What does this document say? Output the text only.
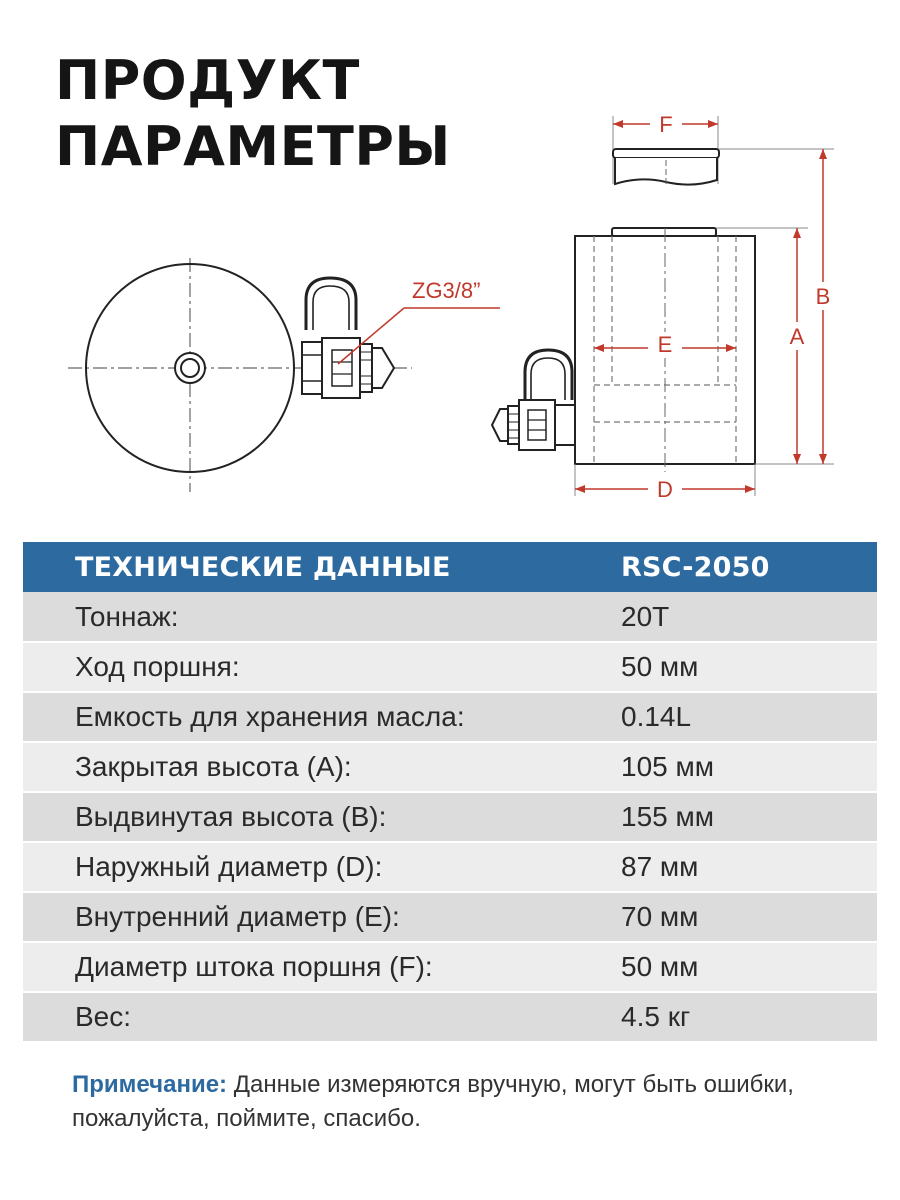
ПРОДУКТ
ПАРАМЕТРЫ
ZG3/8”
F
E
D
A
B
ТЕХНИЧЕСКИЕ ДАННЫЕ	RSC-2050
Тоннаж:	20T
Ход поршня:	50 мм
Емкость для хранения масла:	0.14L
Закрытая высота (A):	105 мм
Выдвинутая высота (B):	155 мм
Наружный диаметр (D):	87 мм
Внутренний диаметр (E):	70 мм
Диаметр штока поршня (F):	50 мм
Вес:	4.5 кг
Примечание: Данные измеряются вручную, могут быть ошибки, пожалуйста, поймите, спасибо.
